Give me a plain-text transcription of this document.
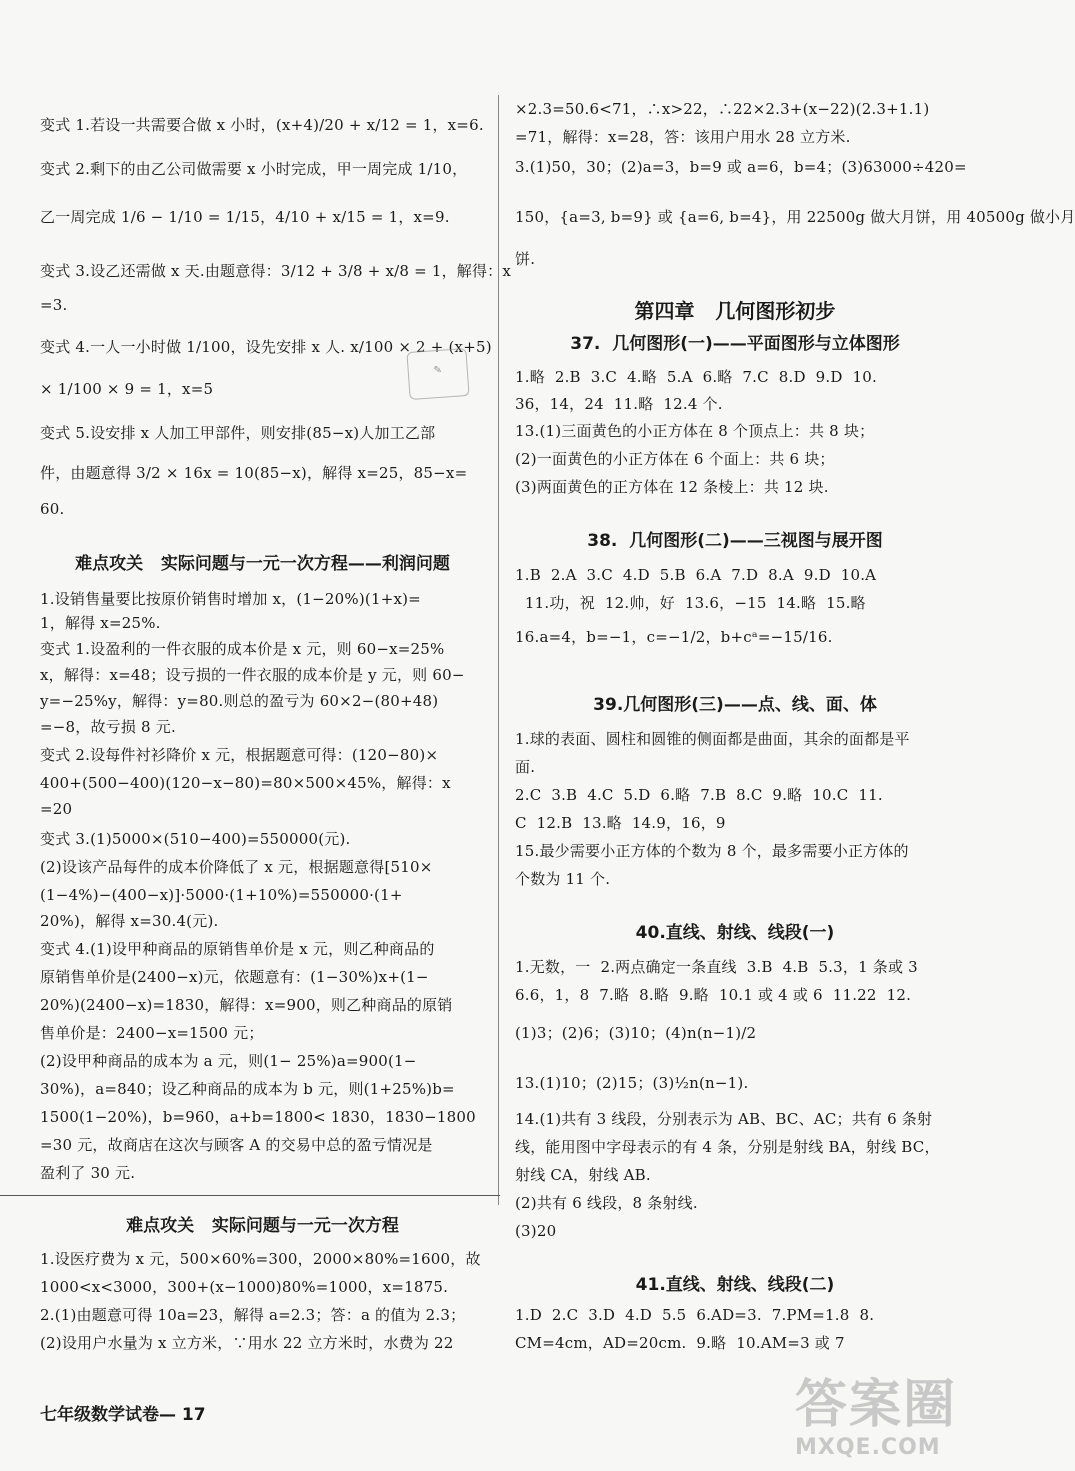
变式 1.若设一共需要合做 x 小时，(x+4)/20 + x/12 = 1，x=6.
变式 2.剩下的由乙公司做需要 x 小时完成，甲一周完成 1/10，
乙一周完成 1/6 − 1/10 = 1/15，4/10 + x/15 = 1，x=9.
变式 3.设乙还需做 x 天.由题意得：3/12 + 3/8 + x/8 = 1，解得：x
=3.
变式 4.一人一小时做 1/100，设先安排 x 人. x/100 × 2 + (x+5)
× 1/100 × 9 = 1，x=5
变式 5.设安排 x 人加工甲部件，则安排(85−x)人加工乙部
件，由题意得 3/2 × 16x = 10(85−x)，解得 x=25，85−x=
60.
1.设销售量要比按原价销售时增加 x，(1−20%)(1+x)=
1，解得 x=25%.
变式 1.设盈利的一件衣服的成本价是 x 元，则 60−x=25%
x，解得：x=48；设亏损的一件衣服的成本价是 y 元，则 60−
y=−25%y，解得：y=80.则总的盈亏为 60×2−(80+48)
=−8，故亏损 8 元.
变式 2.设每件衬衫降价 x 元，根据题意可得：(120−80)×
400+(500−400)(120−x−80)=80×500×45%，解得：x
=20
变式 3.(1)5000×(510−400)=550000(元).
(2)设该产品每件的成本价降低了 x 元，根据题意得[510×
(1−4%)−(400−x)]·5000·(1+10%)=550000·(1+
20%)，解得 x=30.4(元).
变式 4.(1)设甲种商品的原销售单价是 x 元，则乙种商品的
原销售单价是(2400−x)元，依题意有：(1−30%)x+(1−
20%)(2400−x)=1830，解得：x=900，则乙种商品的原销
售单价是：2400−x=1500 元；
(2)设甲种商品的成本为 a 元，则(1− 25%)a=900(1−
30%)，a=840；设乙种商品的成本为 b 元，则(1+25%)b=
1500(1−20%)，b=960，a+b=1800< 1830，1830−1800
=30 元，故商店在这次与顾客 A 的交易中总的盈亏情况是
盈利了 30 元.
1.设医疗费为 x 元，500×60%=300，2000×80%=1600，故
1000<x<3000，300+(x−1000)80%=1000，x=1875.
2.(1)由题意可得 10a=23，解得 a=2.3；答：a 的值为 2.3；
(2)设用户水量为 x 立方米，∵用水 22 立方米时，水费为 22
难点攻关   实际问题与一元一次方程——利润问题
难点攻关   实际问题与一元一次方程
×2.3=50.6<71，∴x>22，∴22×2.3+(x−22)(2.3+1.1)
=71，解得：x=28，答：该用户用水 28 立方米.
3.(1)50，30；(2)a=3，b=9 或 a=6，b=4；(3)63000÷420=
150，{a=3, b=9} 或 {a=6, b=4}，用 22500g 做大月饼，用 40500g 做小月
饼.
1.略  2.B  3.C  4.略  5.A  6.略  7.C  8.D  9.D  10.
36，14，24  11.略  12.4 个.
13.(1)三面黄色的小正方体在 8 个顶点上：共 8 块；
(2)一面黄色的小正方体在 6 个面上：共 6 块；
(3)两面黄色的正方体在 12 条棱上：共 12 块.
1.B  2.A  3.C  4.D  5.B  6.A  7.D  8.A  9.D  10.A
11.功，祝  12.帅，好  13.6，−15  14.略  15.略
16.a=4，b=−1，c=−1/2，b+cᵃ=−15/16.
1.球的表面、圆柱和圆锥的侧面都是曲面，其余的面都是平
面.
2.C  3.B  4.C  5.D  6.略  7.B  8.C  9.略  10.C  11.
C  12.B  13.略  14.9，16，9
15.最少需要小正方体的个数为 8 个，最多需要小正方体的
个数为 11 个.
1.无数，一  2.两点确定一条直线  3.B  4.B  5.3，1 条或 3
6.6，1，8  7.略  8.略  9.略  10.1 或 4 或 6  11.22  12.
(1)3；(2)6；(3)10；(4)n(n−1)/2
13.(1)10；(2)15；(3)½n(n−1).
14.(1)共有 3 线段，分别表示为 AB、BC、AC；共有 6 条射
线，能用图中字母表示的有 4 条，分别是射线 BA，射线 BC，
射线 CA，射线 AB.
(2)共有 6 线段，8 条射线.
(3)20
1.D  2.C  3.D  4.D  5.5  6.AD=3.  7.PM=1.8  8.
CM=4cm，AD=20cm.  9.略  10.AM=3 或 7
第四章   几何图形初步
37.  几何图形(一)——平面图形与立体图形
38.  几何图形(二)——三视图与展开图
39.几何图形(三)——点、线、面、体
40.直线、射线、线段(一)
41.直线、射线、线段(二)
七年级数学试卷— 17
✎
答案圈
MXQE.COM
